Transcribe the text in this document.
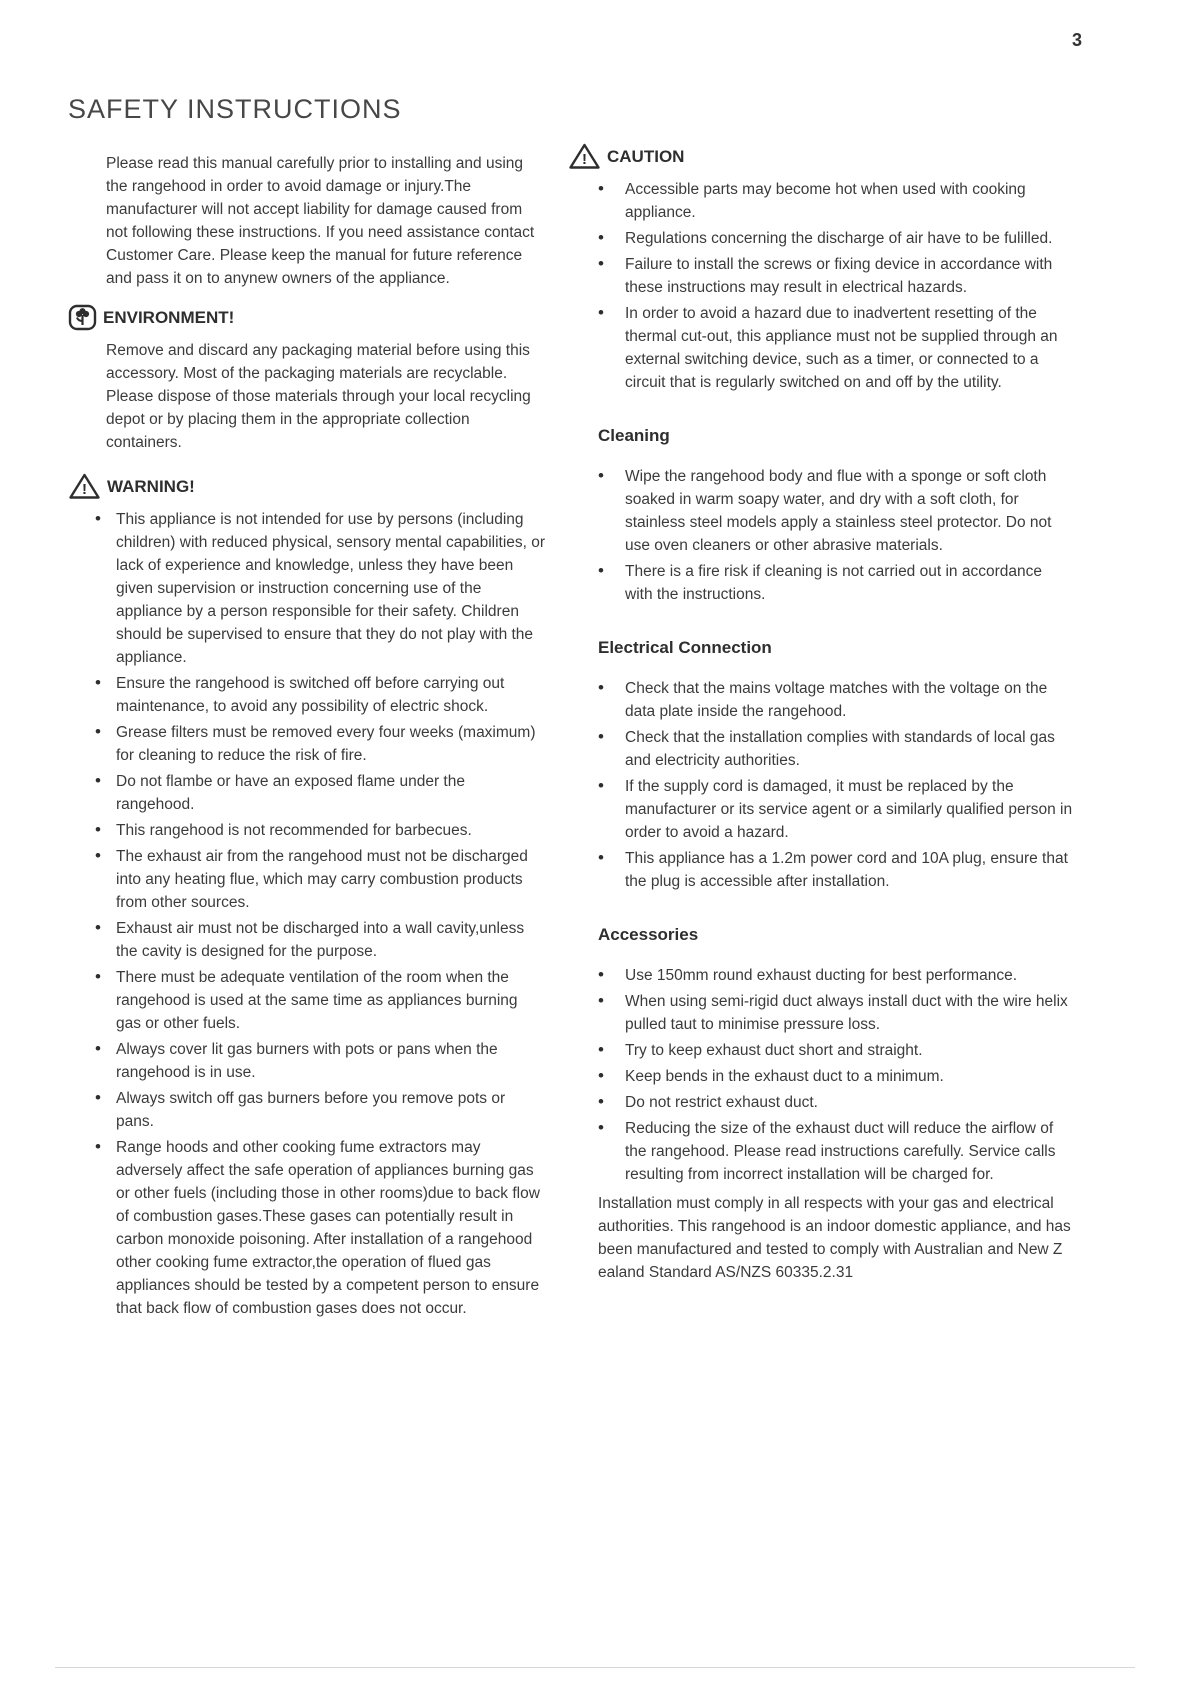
3
SAFETY INSTRUCTIONS

Please read this manual carefully prior to installing and using the rangehood in order to avoid damage or injury.The manufacturer will not accept liability for damage caused from not following these instructions. If you need assistance contact Customer Care. Please keep the manual for future reference and pass it on to anynew owners of the appliance.

ENVIRONMENT!

Remove and discard any packaging material before using this accessory. Most of the packaging materials are recyclable. Please dispose of those materials through your local recycling depot or by placing them in the appropriate collection containers.

! WARNING!
• This appliance is not intended for use by persons (including children) with reduced physical, sensory mental capabilities, or lack of experience and knowledge, unless they have been given supervision or instruction concerning use of the appliance by a person responsible for their safety. Children should be supervised to ensure that they do not play with the appliance.
• Ensure the rangehood is switched off before carrying out maintenance, to avoid any possibility of electric shock.
• Grease filters must be removed every four weeks (maximum) for cleaning to reduce the risk of fire.
• Do not flambe or have an exposed flame under the rangehood.
• This rangehood is not recommended for barbecues.
• The exhaust air from the rangehood must not be discharged into any heating flue, which may carry combustion products from other sources.
• Exhaust air must not be discharged into a wall cavity,unless the cavity is designed for the purpose.
• There must be adequate ventilation of the room when the rangehood is used at the same time as appliances burning gas or other fuels.
• Always cover lit gas burners with pots or pans when the rangehood is in use.
• Always switch off gas burners before you remove pots or pans.
• Range hoods and other cooking fume extractors may adversely affect the safe operation of appliances burning gas or other fuels (including those in other rooms)due to back flow of combustion gases.These gases can potentially result in carbon monoxide poisoning. After installation of a rangehood other cooking fume extractor,the operation of flued gas appliances should be tested by a competent person to ensure that back flow of combustion gases does not occur.
! CAUTION
• Accessible parts may become hot when used with cooking appliance.
• Regulations concerning the discharge of air have to be fulilled.
• Failure to install the screws or fixing device in accordance with these instructions may result in electrical hazards.
• In order to avoid a hazard due to inadvertent resetting of the thermal cut-out, this appliance must not be supplied through an external switching device, such as a timer, or connected to a circuit that is regularly switched on and off by the utility.
Cleaning
• Wipe the rangehood body and flue with a sponge or soft cloth soaked in warm soapy water, and dry with a soft cloth, for stainless steel models apply a stainless steel protector. Do not use oven cleaners or other abrasive materials.
• There is a fire risk if cleaning is not carried out in accordance with the instructions.
Electrical Connection
• Check that the mains voltage matches with the voltage on the data plate inside the rangehood.
• Check that the installation complies with standards of local gas and electricity authorities.
• If the supply cord is damaged, it must be replaced by the manufacturer or its service agent or a similarly qualified person in order to avoid a hazard.
• This appliance has a 1.2m power cord and 10A plug, ensure that the plug is accessible after installation.
Accessories
• Use 150mm round exhaust ducting for best performance.
• When using semi-rigid duct always install duct with the wire helix pulled taut to minimise pressure loss.
• Try to keep exhaust duct short and straight.
• Keep bends in the exhaust duct to a minimum.
• Do not restrict exhaust duct.
• Reducing the size of the exhaust duct will reduce the airflow of the rangehood. Please read instructions carefully. Service calls resulting from incorrect installation will be charged for.

Installation must comply in all respects with your gas and electrical authorities. This rangehood is an indoor domestic appliance, and has been manufactured and tested to comply with Australian and New Z ealand Standard AS/NZS 60335.2.31
